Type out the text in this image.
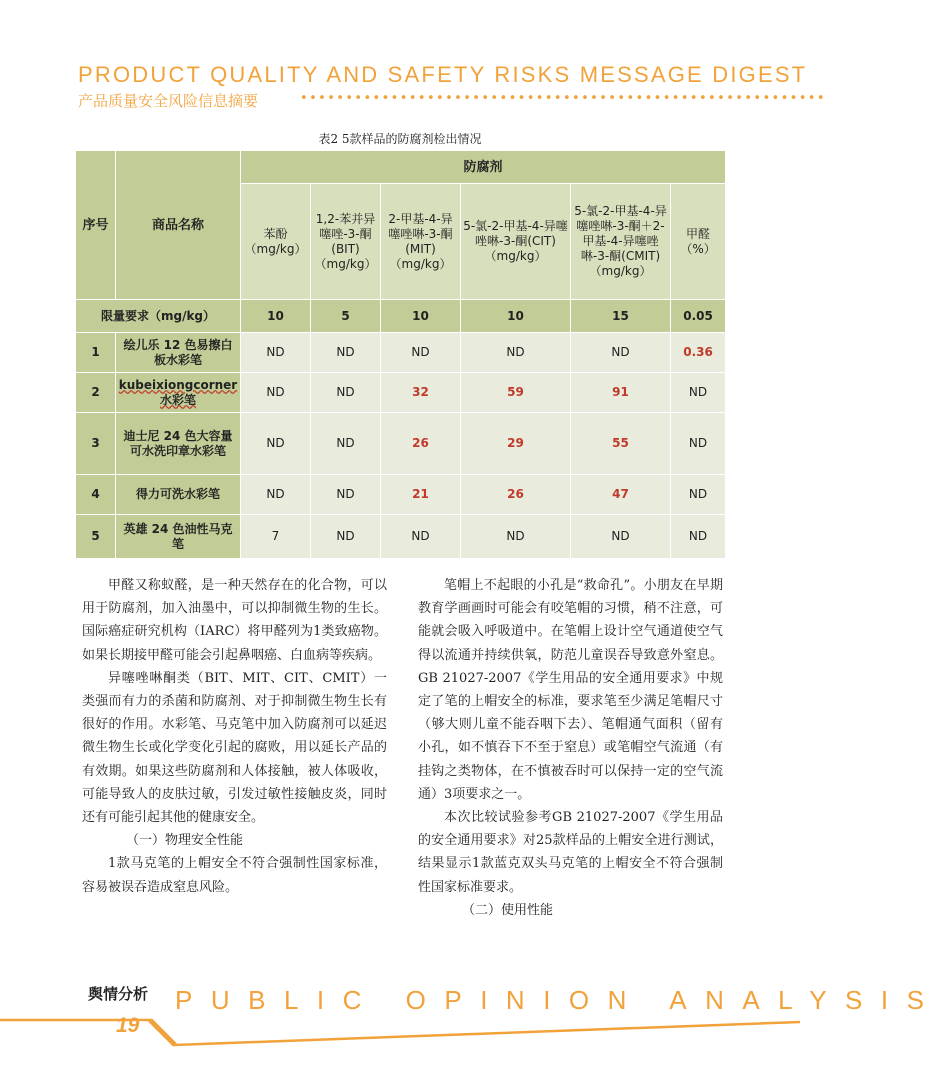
PRODUCT QUALITY AND SAFETY RISKS MESSAGE DIGEST
产品质量安全风险信息摘要	••••••••••••••••••••••••••••••••••••••••••••••••••••••••••
表2 5款样品的防腐剂检出情况
序号	商品名称	防腐剂					
		苯酚（mg/kg）	1,2-苯并异噻唑-3-酮(BIT)（mg/kg）	2-甲基-4-异噻唑啉-3-酮(MIT)（mg/kg）	5-氯-2-甲基-4-异噻唑啉-3-酮(CIT)（mg/kg）	5-氯-2-甲基-4-异噻唑啉-3-酮＋2-甲基-4-异噻唑啉-3-酮(CMIT)（mg/kg）	甲醛（%）
限量要求（mg/kg）		10	5	10	10	15	0.05
1	绘儿乐 12 色易擦白板水彩笔	ND	ND	ND	ND	ND	0.36
2	kubeixiongcorner 水彩笔	ND	ND	32	59	91	ND
3	迪士尼 24 色大容量可水洗印章水彩笔	ND	ND	26	29	55	ND
4	得力可洗水彩笔	ND	ND	21	26	47	ND
5	英雄 24 色油性马克笔	7	ND	ND	ND	ND	ND

甲醛又称蚁醛，是一种天然存在的化合物，可以用于防腐剂，加入油墨中，可以抑制微生物的生长。国际癌症研究机构（IARC）将甲醛列为1类致癌物。如果长期接甲醛可能会引起鼻咽癌、白血病等疾病。

异噻唑啉酮类（BIT、MIT、CIT、CMIT）一类强而有力的杀菌和防腐剂、对于抑制微生物生长有很好的作用。水彩笔、马克笔中加入防腐剂可以延迟微生物生长或化学变化引起的腐败，用以延长产品的有效期。如果这些防腐剂和人体接触，被人体吸收，可能导致人的皮肤过敏，引发过敏性接触皮炎，同时还有可能引起其他的健康安全。

（一）物理安全性能

1款马克笔的上帽安全不符合强制性国家标准，容易被误吞造成窒息风险。

笔帽上不起眼的小孔是“救命孔”。小朋友在早期教育学画画时可能会有咬笔帽的习惯，稍不注意，可能就会吸入呼吸道中。在笔帽上设计空气通道使空气得以流通并持续供氧，防范儿童误吞导致意外窒息。GB 21027-2007《学生用品的安全通用要求》中规定了笔的上帽安全的标准，要求笔至少满足笔帽尺寸（够大则儿童不能吞咽下去）、笔帽通气面积（留有小孔，如不慎吞下不至于窒息）或笔帽空气流通（有挂钩之类物体，在不慎被吞时可以保持一定的空气流通）3项要求之一。

本次比较试验参考GB 21027-2007《学生用品的安全通用要求》对25款样品的上帽安全进行测试，结果显示1款蓝克双头马克笔的上帽安全不符合强制性国家标准要求。

（二）使用性能

舆情分析 PUBLIC OPINION ANALYSIS
19
